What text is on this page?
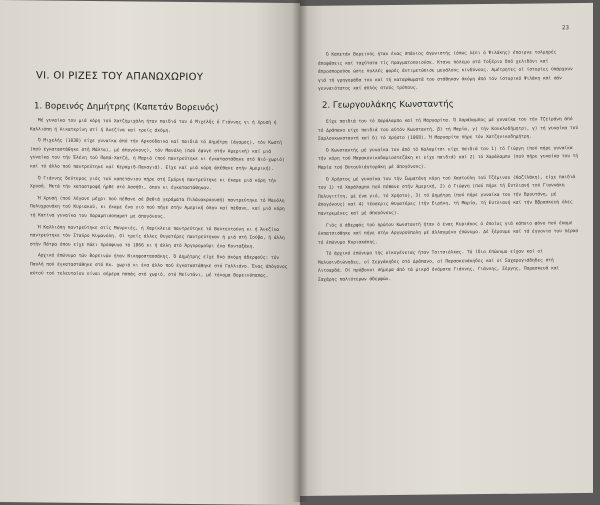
VI. ΟΙ ΡΙΖΕΣ ΤΟΥ ΑΠΑΝΩΧΩΡΙΟΥ
1. Βορεινός Δημήτρης (Καπετάν Βορεινός)

Μέ γυναίκα του μιά κόρη τού Χατζημιχάλη ήταν παιδιά του ό Μιχελής ό Γιάννης γι ή Χρυσή ή Καλλιόπη ή Αικατερίνη στί ή Άνεζίνα καί τρείς άκόμη.

Ό Μιχελής (1838) είχε γυναίκα άπό τήν Αρκούδαινα καί παιδιά τό Δημήτρη (άγαμος), τόν Κωστή (πού έγκαταστάθηκε στή Μάλτα), μέ άπογόνους), τόν Μανόλη (πού έφυγε στήν Αμερική) καί μιά γυναίκα του τήν Έλένη τού Παπά-Χατζή, ή Μαριό (πού παντρεύτηκε κι έγκαταστάθηκε στό Νιό-χωριό) καί τό άλλο πού παντρεύτηκε καί Κεραμιδ-Παναγιά). Είχε καί μιά κόρη άπέθανε στήν Αμερική).

Ό Γιάννης δεύτερος γιός τού καπετάνιου πήρε στή Σμύρνη παντρεύτηκε κι έκαμε μιά κόρη τήν Χρυσή. Μετά τήν καταστροφή ήρθε στό Ασσήθι, όπου κι έγκαταστάθηκαν.

Ή Χρυσή (πού λέγανε μέχρι πού πέθανε σέ βαθιά γεράματα Πιλάνακροουσή) παντρεύτηκε τό Μανόλη Πολυχρονάκη τού Κυριακού, κι έκαμε ένα γιό πού πήγε στήν Αμερική όπου καί πέθανε, καί μιά κόρη τή Κατίνα γυναίκα του Χαραμπισοπαματ με άπογόνους.

Ή Καλλιόπη παντρεύτηκε στίς Μουρνιές, ή Χαρίκλεια παντρεύτηκε τό Βουτεντούνη κι ή Άνεζίνα παντρεύτηκε τόν Σταύρο Κυμανόλη. Οί τρείς άλλες θυγατέρες παντρεύτηκαν ή μιά στή Σούβα, ή άλλη στήν Πάτρα όπου είχε πάει πρόσφυγα τό 1866 κι ή άλλη στό Άργυρομούρι ένα Κονταξάκη.

Αρχικό έπώνυμο τών Βορεινών ήταν Νικηφοστασσάκης. Ό Δημήτρης είχε δυό άκόμη άδερφούς: τόν Παυλή πού έγκαταστάθηκε στό Κκ. χωριό κι ένα άλλο πού έγκαταστάθηκε στό Γαλλιάνο. Ένας άπόγονος αύτού τού τελευταίου είναι σήμερα παπάς στό χωριό, στό Μεϊντάνι, μέ τόνομα Βορεινόπαπας.

23

Ό Καπετάν Βορεινός ήταν ένας σπάνιος άγωνιστής (όπως λέει ό Ψιλάκης) έπαιρνε τολμηρές άποφάσεις καί ταχύτατα τίς πραγματοποιούσε. Κτανε πόλεμο στό Τοξέριο δπό χελιδόνι καί άπροσπορούσε ώστε πολλές φορές άντιμετώπισε μεγάλους κινδύνους. Αμέτρητες οί ίστορίες ύπάρχουν γιά τή γρηγοράδα του καί τή καταρθωματά του στάθηκαν άκόμη άπό τόν ίστορικό Ψιλάκη καί σάν γενναιότατος καί άπλός στούς τρόπους.

2. Γεωργουλάκης Κωνσταντής

Είχε παιδιά του τό Χαράλαμπο καί τή Μαργαρίτα. Ό Χαράλαμπος μέ γυναίκα του τήν Τζεϊράνη άπό τό Δράπανο είχε παιδιά του αύτόν Κωνσταντή, β) τή Μαρία, γ) τήν Κουκλοδήμητρι, γ) τή γυναίκα τού Σαρλουκωνσταντή καί δ) τό Χρήστο (1868). Ή Μαργαρίτα πήρε τόν Χατζηνικοδημήτρη.

Ό Κωνσταντής μέ γυναίκα του άπό τό Καλαμίτσι είχε παιδιά του 1) τό Γιώργη (πού πήρε γυναίκα τήν κόρη τού Μαρακονικοδαμιοστεζάκη κι είχε παιδιά) καί 2) τό Χαράλαμπο (πού πήρε γυναίκα του τή Μαρία τού Βυτουλιάγτοράκη μέ άπογόνους).

Ό Χρήστος μέ γυναίκα του τήν Σωματάνη κόρη τού Χαστούλη τού Τζέμινου (Καζίλάκη), είχε παιδιά του 1) τό Χαράλαμπο πού πέθανε στήν Αμερική, 2) ό Γιώργη (πού πήρε τή Ευτλιανή τού Γιαννάκη Πολυγιτίτη, μέ ένα γιό, τό Χρήστο), 3) τό Δημήτρη (πού πήρε γυναίκα του τήν Βρουτάνη, μέ άπογόνους) καί 4) τέσσερις θυγατέρες (τήν Ειρήνη, τή Μαρία, τή Ευτλιανή καί τήν Ββρασκευή όλες παντρεμένες καί μέ άπογόνους).

Γιός ό άδερφός τού πρώτου Κωνσταντή ήταν ό ένας Κυριάκος ό όποίος γιά κάποιο φόνο πού έκαμε έκπατσισθηκε καί πήγε στήν Αργυρούπολη μέ άλλαγμένο έπώνυμο. Δέ ξέρουμε καί τά έγγονια του πέρασ τό έπώνυμο Κυριακάκης.

Τό άρχικό έπώνυμο τής οίκογένειας ήταν Τσιτσιόλκας. Τό ίδιο έπώνυμο είχαν καί οί Μολυσινδιώνηδες, οί Σεργάκηδες στό Δράπανο, οί Παρασκευάκηδες καί οί Σαχαρογιάδηδες στή Λιτσαρδά. Οί πρόβονοι σήμερα άπό τά μικρά όνόματα Γιάννης, Γιάννης, Σέργης, Παρασκευά καί Σαχάρης παλιότερων άδερφών.
